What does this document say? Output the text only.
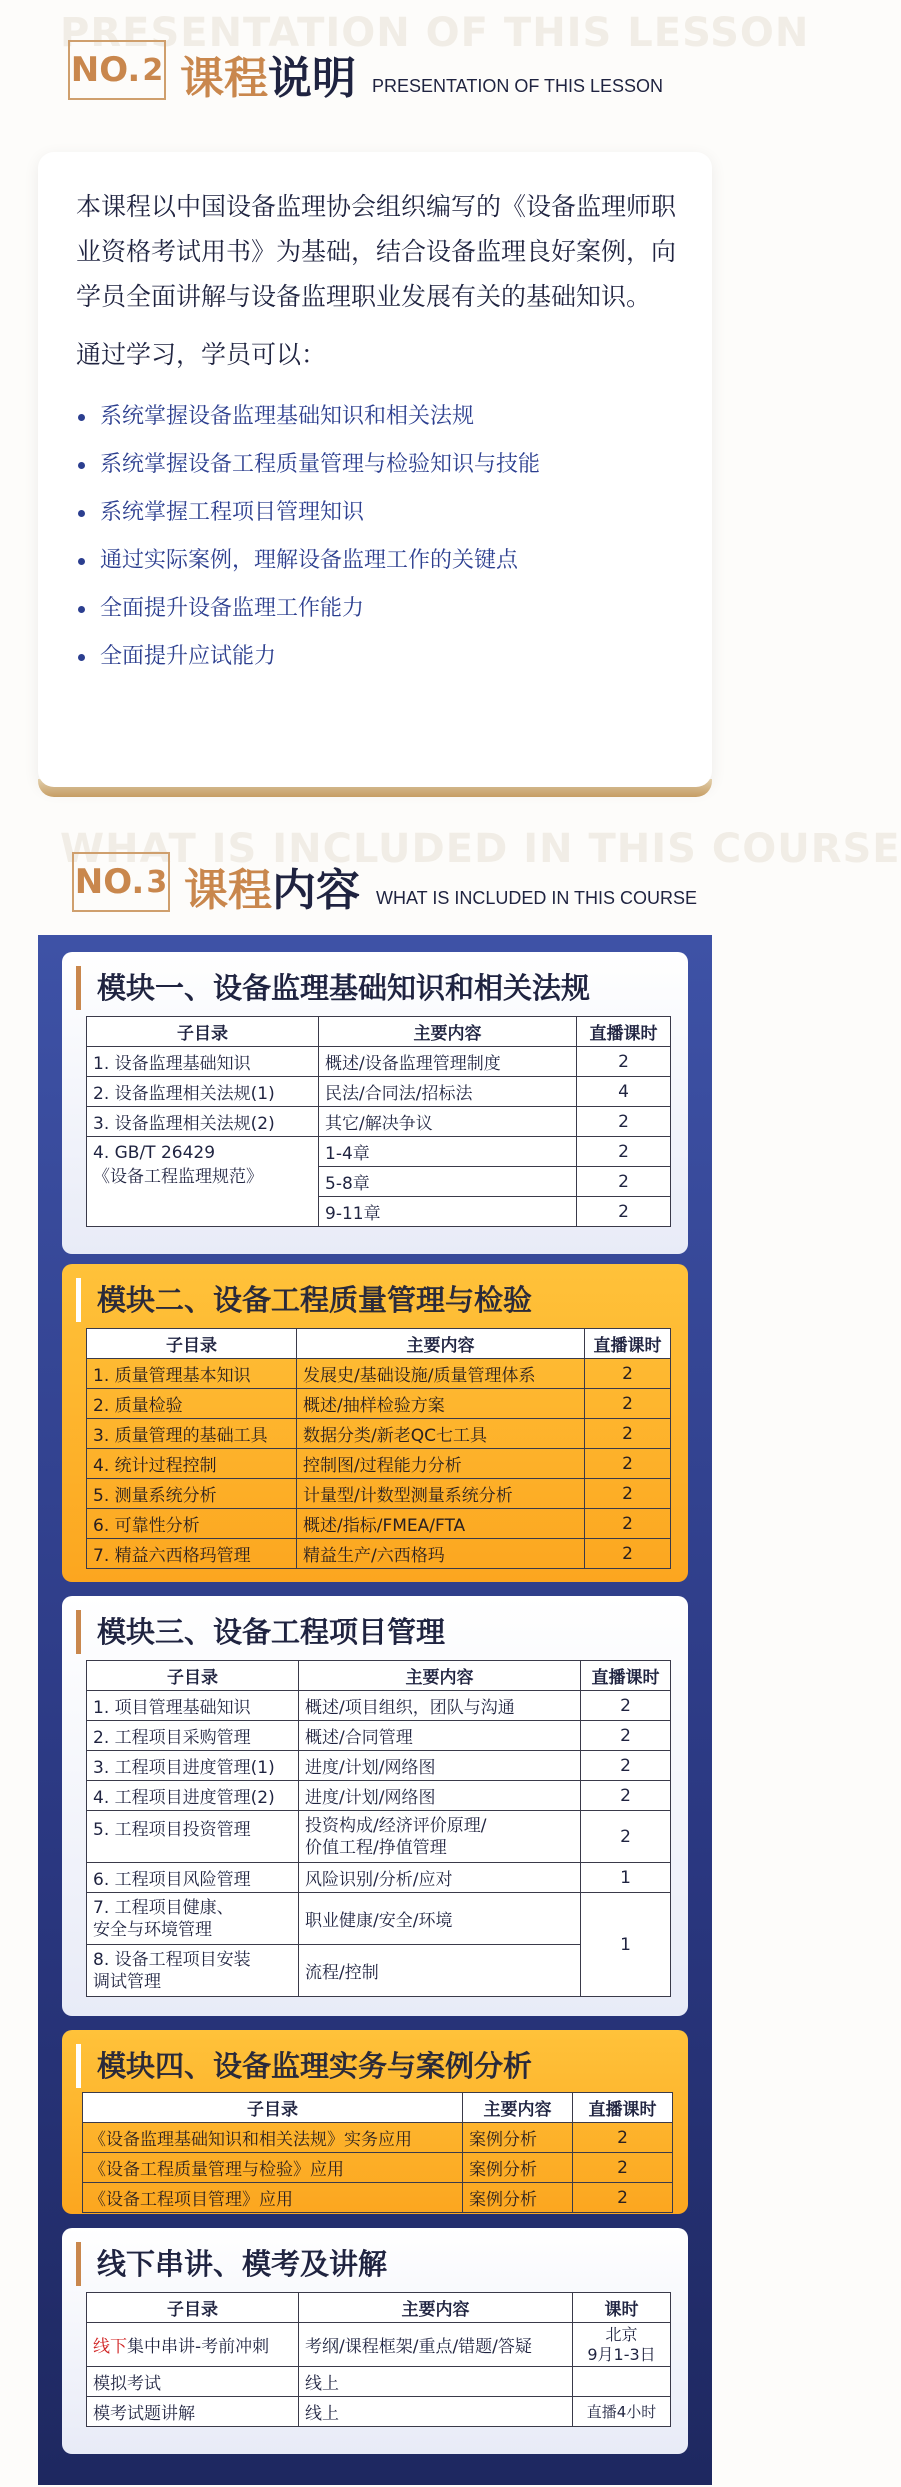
PRESENTATION OF THIS LESSON
NO. 2 课程说明 PRESENTATION OF THIS LESSON

本课程以中国设备监理协会组织编写的《设备监理师职业资格考试用书》为基础，结合设备监理良好案例，向学员全面讲解与设备监理职业发展有关的基础知识。

通过学习，学员可以：

系统掌握设备监理基础知识和相关法规
系统掌握设备工程质量管理与检验知识与技能
系统掌握工程项目管理知识
通过实际案例，理解设备监理工作的关键点
全面提升设备监理工作能力
全面提升应试能力
WHAT IS INCLUDED IN THIS COURSE
NO. 3 课程内容 WHAT IS INCLUDED IN THIS COURSE
模块一、设备监理基础知识和相关法规
子目录	主要内容	直播课时
1. 设备监理基础知识	概述/设备监理管理制度	2
2. 设备监理相关法规(1)	民法/合同法/招标法	4
3. 设备监理相关法规(2)	其它/解决争议	2

4. GB/T 26429
《设备工程监理规范》	1-4章	2
	5-8章	2
	9-11章	2
模块二、设备工程质量管理与检验
子目录	主要内容	直播课时
1. 质量管理基本知识	发展史/基础设施/质量管理体系	2
2. 质量检验	概述/抽样检验方案	2
3. 质量管理的基础工具	数据分类/新老QC七工具	2
4. 统计过程控制	控制图/过程能力分析	2
5. 测量系统分析	计量型/计数型测量系统分析	2
6. 可靠性分析	概述/指标/FMEA/FTA	2
7. 精益六西格玛管理	精益生产/六西格玛	2
模块三、设备工程项目管理
子目录	主要内容	直播课时
1. 项目管理基础知识	概述/项目组织，团队与沟通	2
2. 工程项目采购管理	概述/合同管理	2
3. 工程项目进度管理(1)	进度/计划/网络图	2
4. 工程项目进度管理(2)	进度/计划/网络图	2
5. 工程项目投资管理	投资构成/经济评价原理/
价值工程/挣值管理	2
6. 工程项目风险管理	风险识别/分析/应对	1

7. 工程项目健康、
安全与环境管理	职业健康/安全/环境	1

8. 设备工程项目安装
调试管理	流程/控制	
模块四、设备监理实务与案例分析
子目录	主要内容	直播课时
《设备监理基础知识和相关法规》实务应用	案例分析	2
《设备工程质量管理与检验》应用	案例分析	2
《设备工程项目管理》应用	案例分析	2
线下串讲、模考及讲解
子目录	主要内容	课时
线下集中串讲-考前冲刺	考纲/课程框架/重点/错题/答疑	北京
9月1-3日

模拟考试	线上	
模考试题讲解	线上	直播4小时
